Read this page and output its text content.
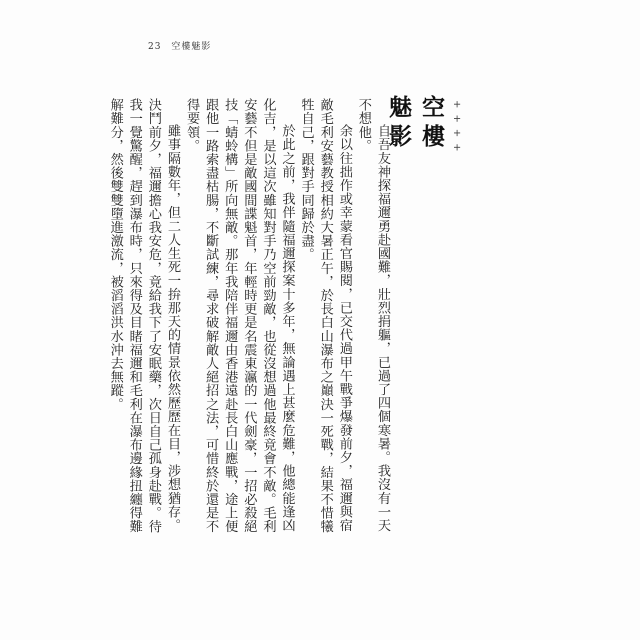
23 空樓魅影
空樓魅影	++++

自吾友神探福邇勇赴國難，壯烈捐軀，已過了四個寒暑。我沒有一天不想他。

余以往拙作或幸蒙看官賜閱，已交代過甲午戰爭爆發前夕，福邇與宿敵毛利安藝教授相約大暑正午，於長白山瀑布之巔決一死戰，結果不惜犧牲自己，跟對手同歸於盡。

於此之前，我伴隨福邇探案十多年，無論遇上甚麼危難，他總能逢凶化吉，是以這次雖知對手乃空前勁敵，也從沒想過他最終竟會不敵。毛利安藝不但是敵國間諜魁首，年輕時更是名震東瀛的一代劍豪，一招必殺絕技「蜻蛉構」所向無敵。那年我陪伴福邇由香港遠赴長白山應戰，途上便跟他一路索盡枯腸，不斷試練，尋求破解敵人絕招之法，可惜終於還是不得要領。

雖事隔數年，但二人生死一拚那天的情景依然歷歷在目，涉想猶存。決鬥前夕，福邇擔心我安危，竟給我下了安眠藥，次日自己孤身赴戰。待我一覺驚醒，趕到瀑布時，只來得及目睹福邇和毛利在瀑布邊緣扭纏得難解難分，然後雙雙墮進激流，被滔滔洪水沖去無蹤。
